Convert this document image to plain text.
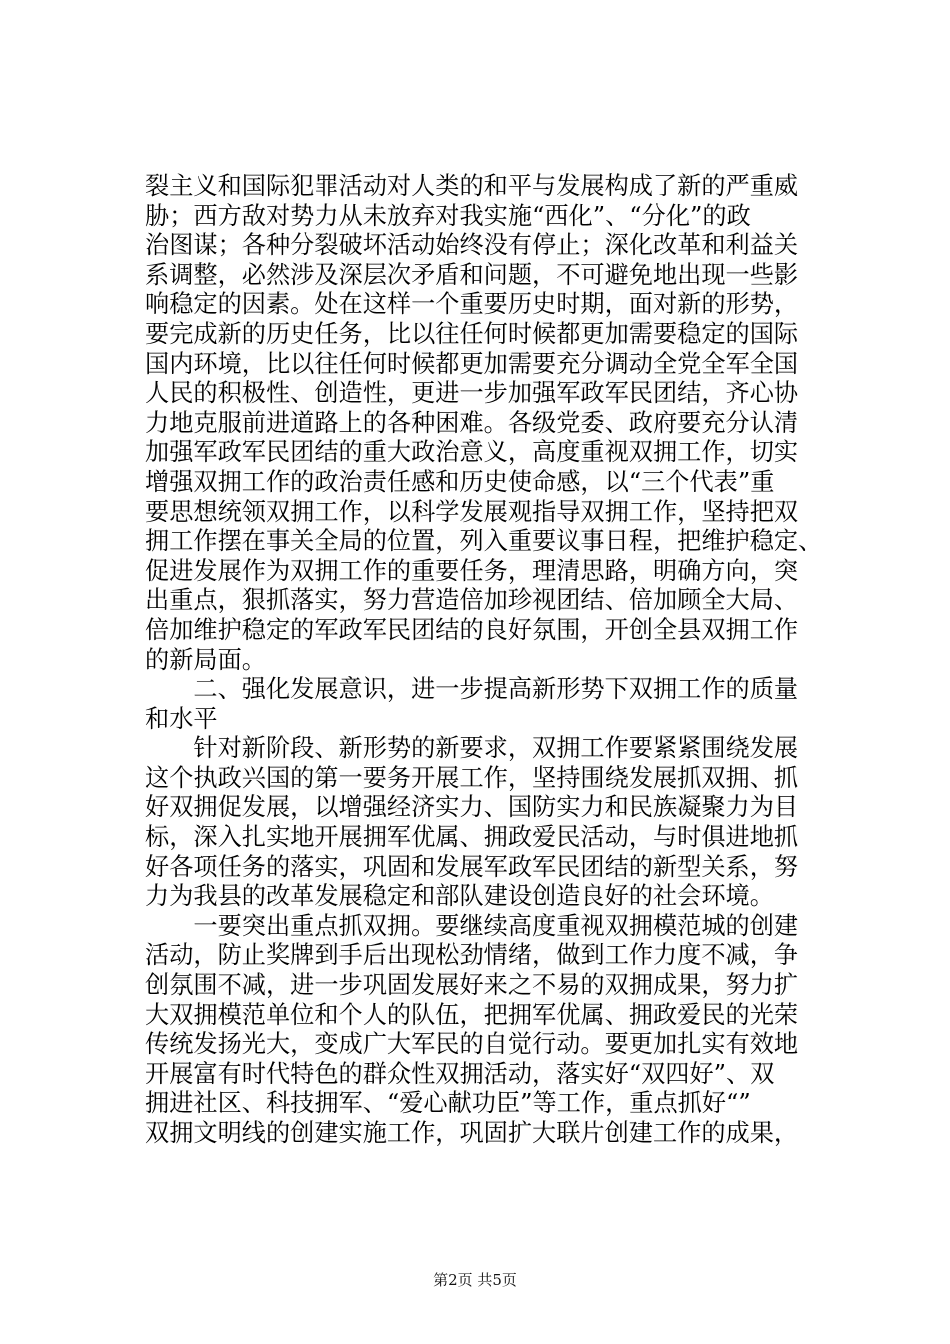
裂主义和国际犯罪活动对人类的和平与发展构成了新的严重威
胁；西方敌对势力从未放弃对我实施“西化”、“分化”的政
治图谋；各种分裂破坏活动始终没有停止；深化改革和利益关
系调整，必然涉及深层次矛盾和问题，不可避免地出现一些影
响稳定的因素。处在这样一个重要历史时期，面对新的形势，
要完成新的历史任务，比以往任何时候都更加需要稳定的国际
国内环境，比以往任何时候都更加需要充分调动全党全军全国
人民的积极性、创造性，更进一步加强军政军民团结，齐心协
力地克服前进道路上的各种困难。各级党委、政府要充分认清
加强军政军民团结的重大政治意义，高度重视双拥工作，切实
增强双拥工作的政治责任感和历史使命感，以“三个代表”重
要思想统领双拥工作，以科学发展观指导双拥工作，坚持把双
拥工作摆在事关全局的位置，列入重要议事日程，把维护稳定、
促进发展作为双拥工作的重要任务，理清思路，明确方向，突
出重点，狠抓落实，努力营造倍加珍视团结、倍加顾全大局、
倍加维护稳定的军政军民团结的良好氛围，开创全县双拥工作
的新局面。
　　二、强化发展意识，进一步提高新形势下双拥工作的质量
和水平
　　针对新阶段、新形势的新要求，双拥工作要紧紧围绕发展
这个执政兴国的第一要务开展工作，坚持围绕发展抓双拥、抓
好双拥促发展，以增强经济实力、国防实力和民族凝聚力为目
标，深入扎实地开展拥军优属、拥政爱民活动，与时俱进地抓
好各项任务的落实，巩固和发展军政军民团结的新型关系，努
力为我县的改革发展稳定和部队建设创造良好的社会环境。
　　一要突出重点抓双拥。要继续高度重视双拥模范城的创建
活动，防止奖牌到手后出现松劲情绪，做到工作力度不减，争
创氛围不减，进一步巩固发展好来之不易的双拥成果，努力扩
大双拥模范单位和个人的队伍，把拥军优属、拥政爱民的光荣
传统发扬光大，变成广大军民的自觉行动。要更加扎实有效地
开展富有时代特色的群众性双拥活动，落实好“双四好”、双
拥进社区、科技拥军、“爱心献功臣”等工作，重点抓好“”
双拥文明线的创建实施工作，巩固扩大联片创建工作的成果，
第2页 共5页
